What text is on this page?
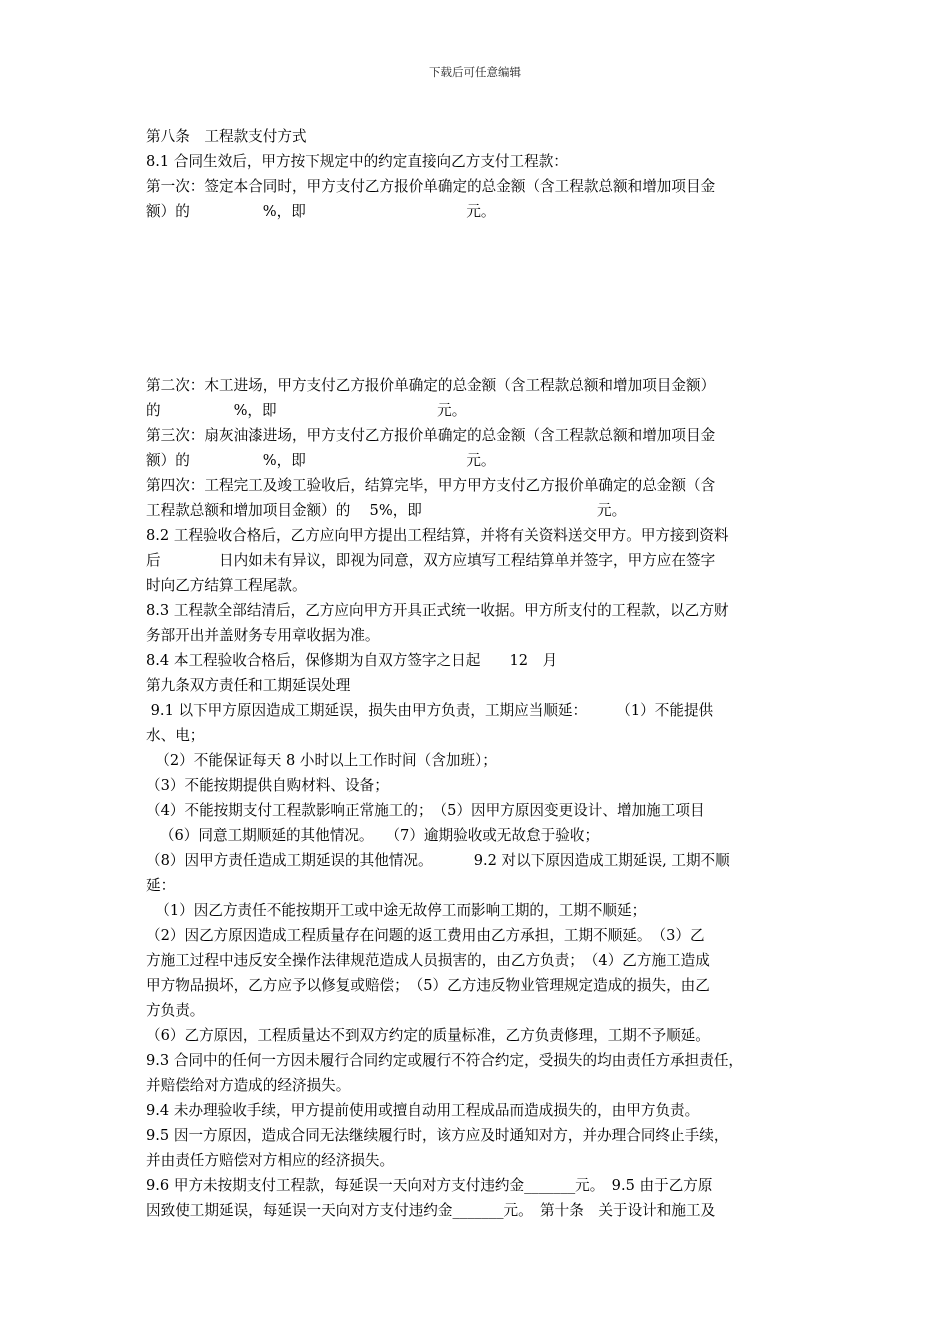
下载后可任意编辑
第八条　工程款支付方式
8.1 合同生效后，甲方按下规定中的约定直接向乙方支付工程款：
第一次：签定本合同时，甲方支付乙方报价单确定的总金额（含工程款总额和增加项目金
额）的　　　　　%，即　　　　　　　　　　　元。
第二次：木工进场，甲方支付乙方报价单确定的总金额（含工程款总额和增加项目金额）
的　　　　　%，即　　　　　　　　　　　元。
第三次：扇灰油漆进场，甲方支付乙方报价单确定的总金额（含工程款总额和增加项目金
额）的　　　　　%，即　　　　　　　　　　　元。
第四次：工程完工及竣工验收后，结算完毕，甲方甲方支付乙方报价单确定的总金额（含
工程款总额和增加项目金额）的　 5%，即　　　　　　　　　　　　元。
8.2 工程验收合格后，乙方应向甲方提出工程结算，并将有关资料送交甲方。甲方接到资料
后　　　　日内如未有异议，即视为同意，双方应填写工程结算单并签字，甲方应在签字
时向乙方结算工程尾款。
8.3 工程款全部结清后，乙方应向甲方开具正式统一收据。甲方所支付的工程款，以乙方财
务部开出并盖财务专用章收据为准。
8.4 本工程验收合格后，保修期为自双方签字之日起　　12　月
第九条双方责任和工期延误处理
9.1 以下甲方原因造成工期延误，损失由甲方负责，工期应当顺延：　　　（1）不能提供
水、电；
（2）不能保证每天 8 小时以上工作时间（含加班）；
（3）不能按期提供自购材料、设备；
（4）不能按期支付工程款影响正常施工的；　（5）因甲方原因变更设计、增加施工项目
（6）同意工期顺延的其他情况。　 （7）逾期验收或无故怠于验收；
（8）因甲方责任造成工期延误的其他情况。　　　 9.2 对以下原因造成工期延误, 工期不顺
延：
（1）因乙方责任不能按期开工或中途无故停工而影响工期的，工期不顺延；
（2）因乙方原因造成工程质量存在问题的返工费用由乙方承担，工期不顺延。　（3）乙
方施工过程中违反安全操作法律规范造成人员损害的，由乙方负责；　（4）乙方施工造成
甲方物品损坏，乙方应予以修复或赔偿；　（5）乙方违反物业管理规定造成的损失，由乙
方负责。
（6）乙方原因，工程质量达不到双方约定的质量标准，乙方负责修理，工期不予顺延。
9.3 合同中的任何一方因未履行合同约定或履行不符合约定，受损失的均由责任方承担责任，
并赔偿给对方造成的经济损失。
9.4 未办理验收手续，甲方提前使用或擅自动用工程成品而造成损失的，由甲方负责。
9.5 因一方原因，造成合同无法继续履行时，该方应及时通知对方，并办理合同终止手续，
并由责任方赔偿对方相应的经济损失。
9.6 甲方未按期支付工程款，每延误一天向对方支付违约金_______元。　9.5 由于乙方原
因致使工期延误，每延误一天向对方支付违约金_______元。　第十条　关于设计和施工及
